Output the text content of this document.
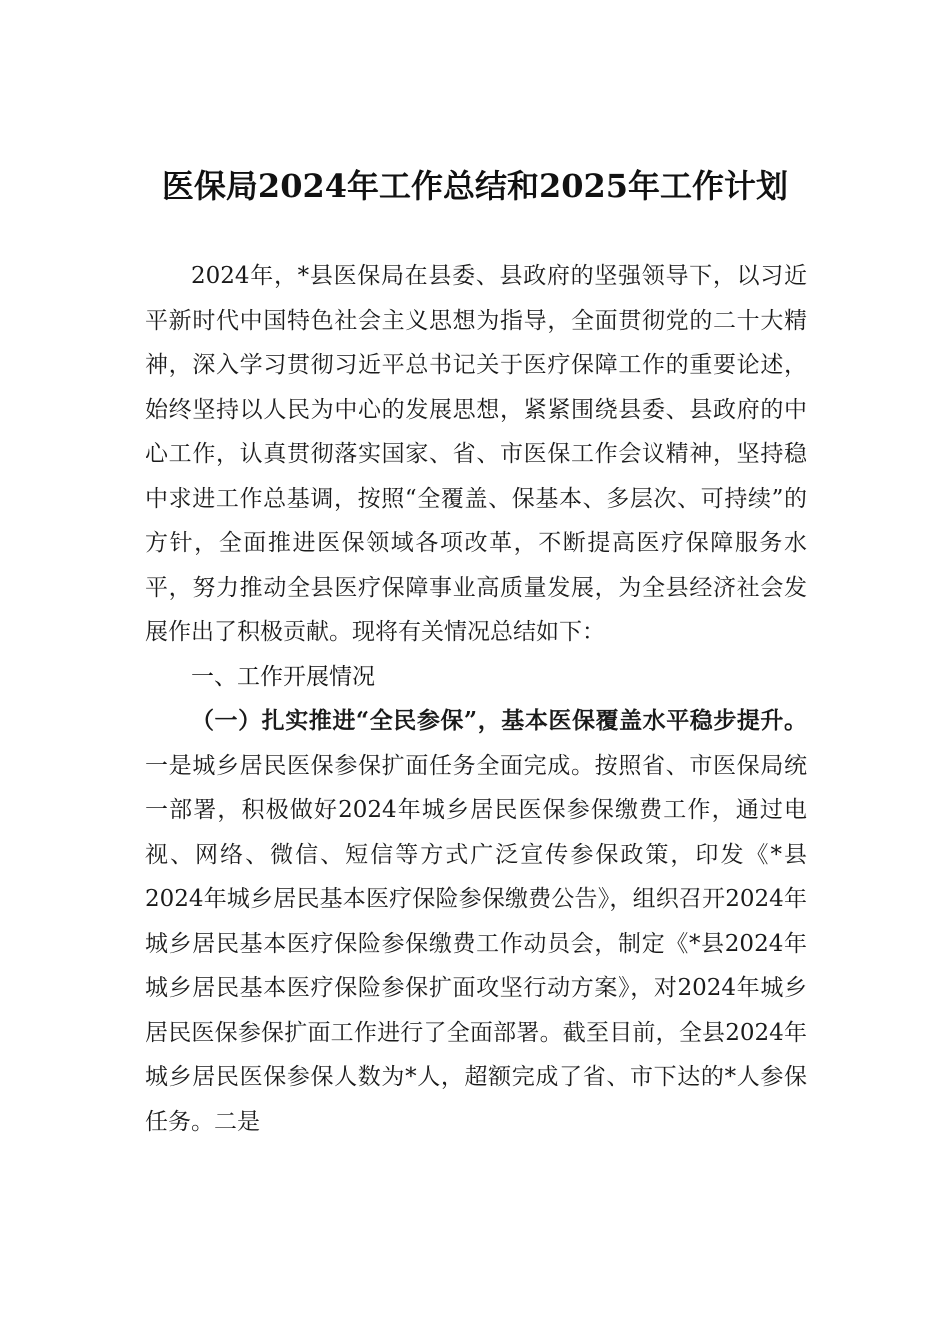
医保局2024年工作总结和2025年工作计划

2024年，*县医保局在县委、县政府的坚强领导下，以习近平新时代中国特色社会主义思想为指导，全面贯彻党的二十大精神，深入学习贯彻习近平总书记关于医疗保障工作的重要论述，始终坚持以人民为中心的发展思想，紧紧围绕县委、县政府的中心工作，认真贯彻落实国家、省、市医保工作会议精神，坚持稳中求进工作总基调，按照“全覆盖、保基本、多层次、可持续”的方针，全面推进医保领域各项改革，不断提高医疗保障服务水平，努力推动全县医疗保障事业高质量发展，为全县经济社会发展作出了积极贡献。现将有关情况总结如下：

一、工作开展情况

（一）扎实推进“全民参保”，基本医保覆盖水平稳步提升。一是城乡居民医保参保扩面任务全面完成。按照省、市医保局统一部署，积极做好2024年城乡居民医保参保缴费工作，通过电视、网络、微信、短信等方式广泛宣传参保政策，印发《*县2024年城乡居民基本医疗保险参保缴费公告》，组织召开2024年城乡居民基本医疗保险参保缴费工作动员会，制定《*县2024年城乡居民基本医疗保险参保扩面攻坚行动方案》，对2024年城乡居民医保参保扩面工作进行了全面部署。截至目前，全县2024年城乡居民医保参保人数为*人，超额完成了省、市下达的*人参保任务。二是
